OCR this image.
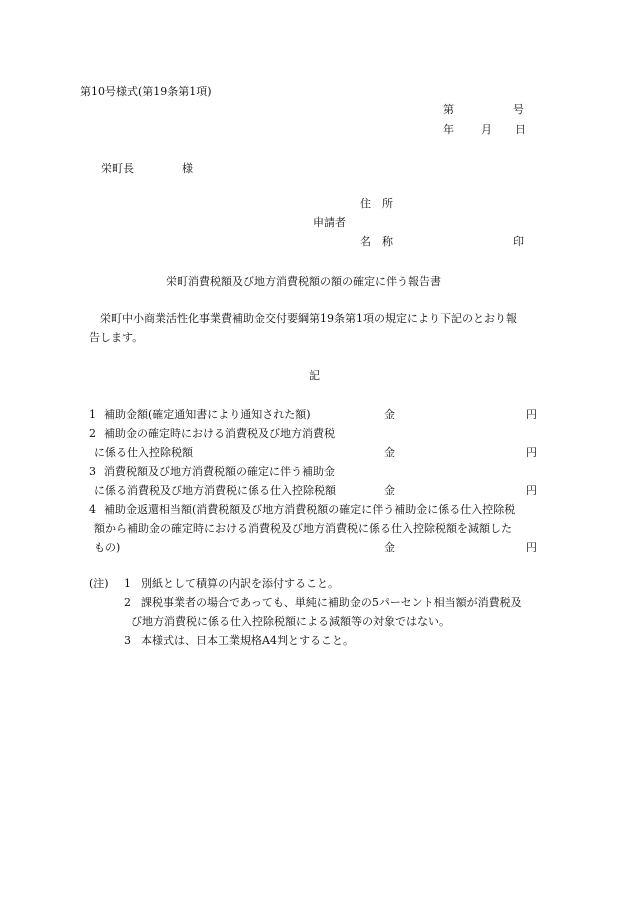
第10号様式(第19条第1項)
第	号
年 月 日
栄町長	様
住　所
申請者
名　称	印
栄町消費税額及び地方消費税額の額の確定に伴う報告書
栄町中小商業活性化事業費補助金交付要綱第19条第1項の規定により下記のとおり報
告します。
記
1 補助金額(確定通知書により通知された額)	金	円
2 補助金の確定時における消費税及び地方消費税
に係る仕入控除税額	金	円
3 消費税額及び地方消費税額の確定に伴う補助金
に係る消費税及び地方消費税に係る仕入控除税額	金	円
4 補助金返還相当額(消費税額及び地方消費税額の確定に伴う補助金に係る仕入控除税
額から補助金の確定時における消費税及び地方消費税に係る仕入控除税額を減額した
もの)	金	円
(注) 1 別紙として積算の内訳を添付すること。
2 課税事業者の場合であっても、単純に補助金の5パーセント相当額が消費税及
び地方消費税に係る仕入控除税額による減額等の対象ではない。
3 本様式は、日本工業規格A4判とすること。
